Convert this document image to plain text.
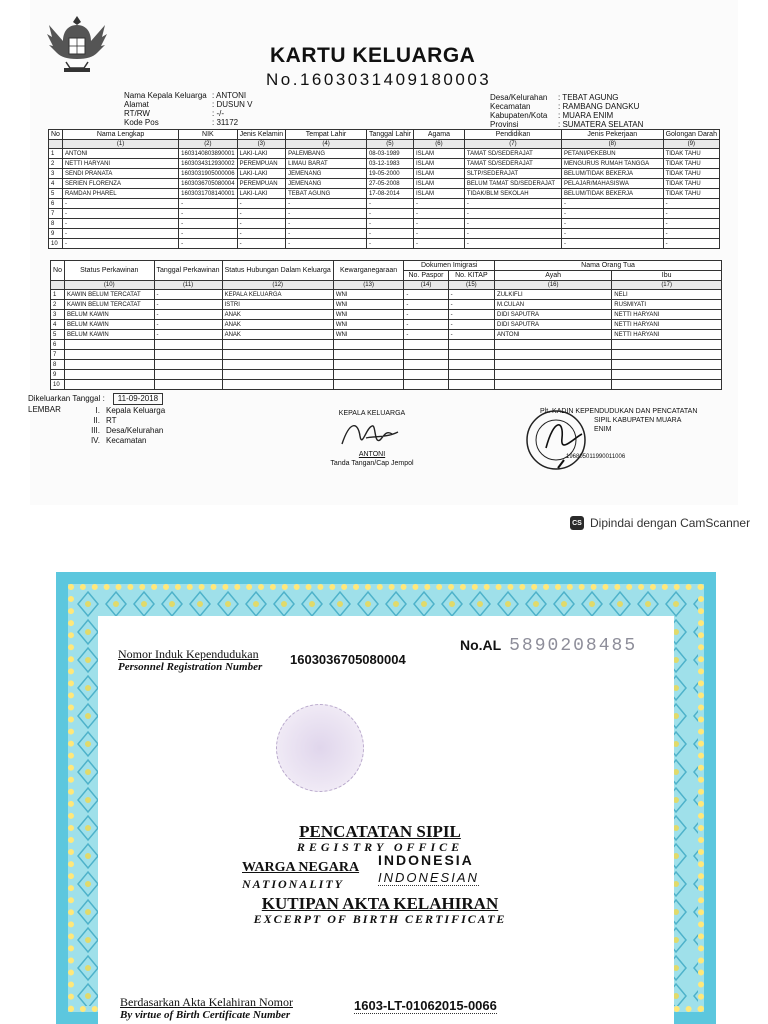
KARTU KELUARGA
No.1603031409180003
Nama Kepala Keluarga : ANTONI
Alamat	: DUSUN V
RT/RW	: -/-
Kode Pos	: 31172
Desa/Kelurahan	: TEBAT AGUNG
Kecamatan	: RAMBANG DANGKU
Kabupaten/Kota	: MUARA ENIM
Provinsi	: SUMATERA SELATAN
No	Nama Lengkap	NIK	Jenis Kelamin	Tempat Lahir	Tanggal Lahir	Agama	Pendidikan	Jenis Pekerjaan	Golongan Darah
	(1)	(2)	(3)	(4)	(5)	(6)	(7)	(8)	(9)
1	ANTONI	1603140803890001	LAKI-LAKI	PALEMBANG	08-03-1989	ISLAM	TAMAT SD/SEDERAJAT	PETANI/PEKEBUN	TIDAK TAHU
2	NETTI HARYANI	1603034312930002	PEREMPUAN	LIMAU BARAT	03-12-1983	ISLAM	TAMAT SD/SEDERAJAT	MENGURUS RUMAH TANGGA	TIDAK TAHU
3	SENDI PRANATA	1603031905000006	LAKI-LAKI	JEMENANG	19-05-2000	ISLAM	SLTP/SEDERAJAT	BELUM/TIDAK BEKERJA	TIDAK TAHU
4	SERIEN FLORENZA	1603036705080004	PEREMPUAN	JEMENANG	27-05-2008	ISLAM	BELUM TAMAT SD/SEDERAJAT	PELAJAR/MAHASISWA	TIDAK TAHU
5	RAMDAN PHAREL	1603031708140001	LAKI-LAKI	TEBAT AGUNG	17-08-2014	ISLAM	TIDAK/BLM SEKOLAH	BELUM/TIDAK BEKERJA	TIDAK TAHU
6	-	-	-	-	-	-	-	-	-
7	-	-	-	-	-	-	-	-	-
8	-	-	-	-	-	-	-	-	-
9	-	-	-	-	-	-	-	-	-
10	-	-	-	-	-	-	-	-	-
No	Status Perkawinan	Tanggal Perkawinan	Status Hubungan Dalam Keluarga	Kewarganegaraan	Dokumen Imigrasi		Nama Orang Tua	
					No. Paspor	No. KITAP	Ayah	Ibu
	(10)	(11)	(12)	(13)	(14)	(15)	(16)	(17)
1	KAWIN BELUM TERCATAT	-	KEPALA KELUARGA	WNI	-	-	ZULKIFLI	NELI
2	KAWIN BELUM TERCATAT	-	ISTRI	WNI	-	-	M.CULAN	RUSMIYATI
3	BELUM KAWIN	-	ANAK	WNI	-	-	DIDI SAPUTRA	NETTI HARYANI
4	BELUM KAWIN	-	ANAK	WNI	-	-	DIDI SAPUTRA	NETTI HARYANI
5	BELUM KAWIN	-	ANAK	WNI	-	-	ANTONI	NETTI HARYANI
6								
7								
8								
9								
10								
Dikeluarkan Tanggal : 11-09-2018
LEMBAR	I. Kepala Keluarga
II. RT
III. Desa/Kelurahan
IV. Kecamatan
KEPALA KELUARGA
ANTONI
Tanda Tangan/Cap Jempol
Plt. KADIN KEPENDUDUKAN DAN PENCATATAN
SIPIL KABUPATEN MUARA ENIM
196805011990011006
CS Dipindai dengan CamScanner
Nomor Induk Kependudukan
Personnel Registration Number 1603036705080004
No.AL 5890208485
PENCATATAN SIPIL
REGISTRY OFFICE
WARGA NEGARA
NATIONALITY
INDONESIA
INDONESIAN
KUTIPAN AKTA KELAHIRAN
EXCERPT OF BIRTH CERTIFICATE
Berdasarkan Akta Kelahiran Nomor
By virtue of Birth Certificate Number
1603-LT-01062015-0066
